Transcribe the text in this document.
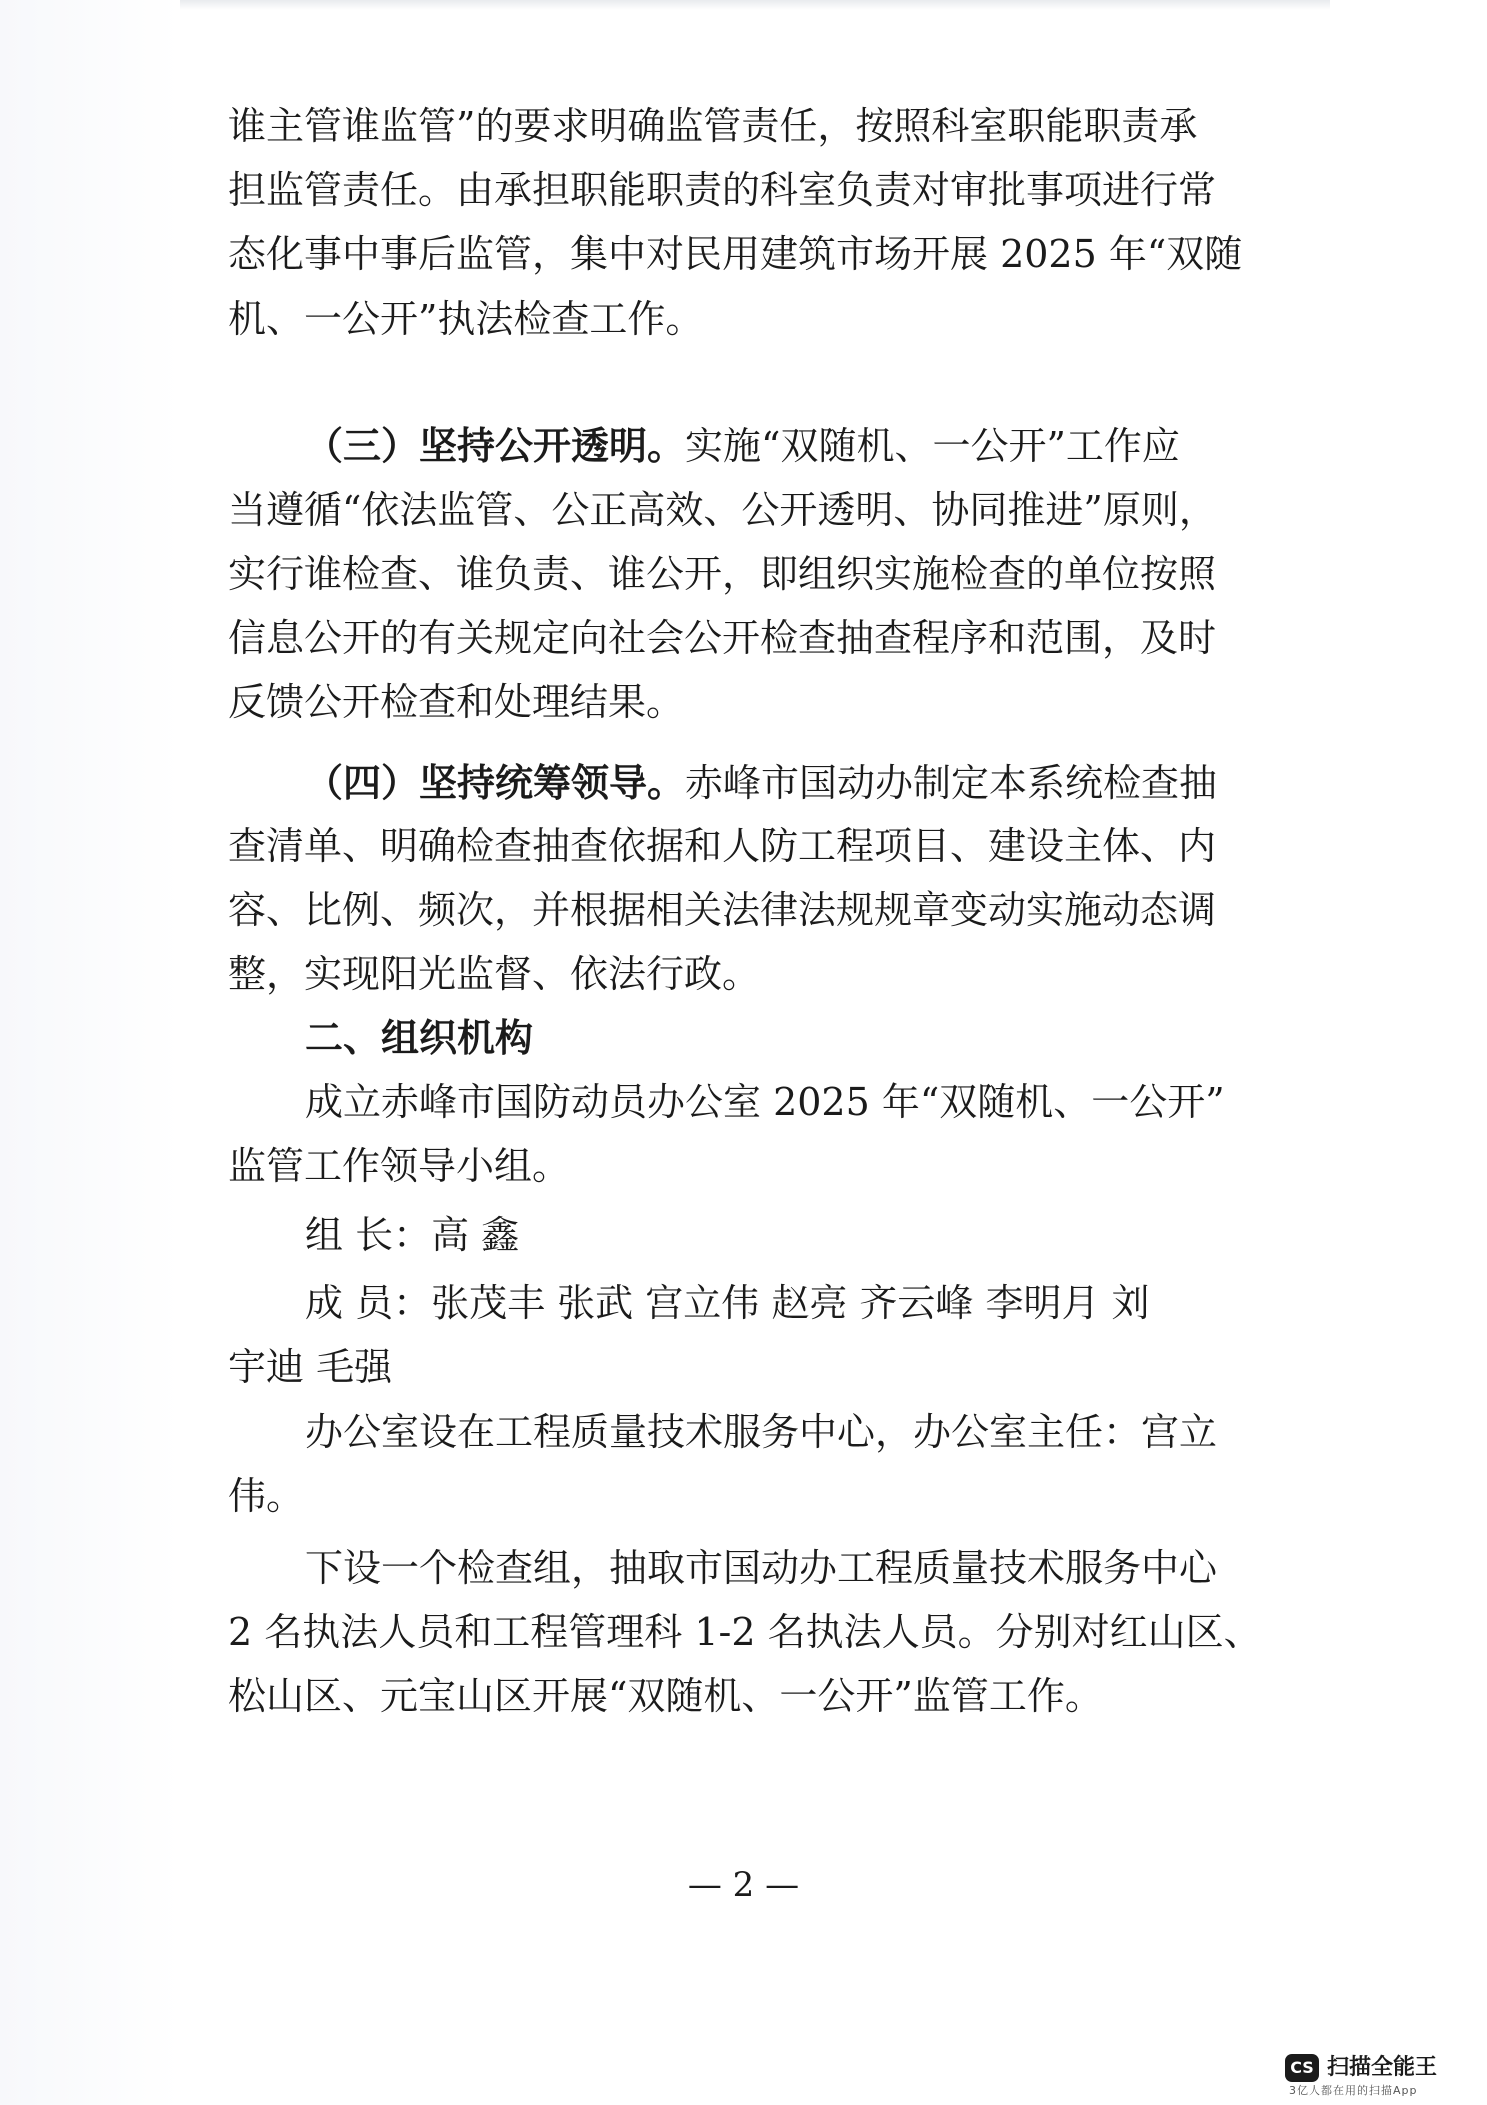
谁主管谁监管”的要求明确监管责任，按照科室职能职责承
担监管责任。由承担职能职责的科室负责对审批事项进行常
态化事中事后监管，集中对民用建筑市场开展 2025 年“双随
机、一公开”执法检查工作。
（三）坚持公开透明。实施“双随机、一公开”工作应
当遵循“依法监管、公正高效、公开透明、协同推进”原则，
实行谁检查、谁负责、谁公开，即组织实施检查的单位按照
信息公开的有关规定向社会公开检查抽查程序和范围，及时
反馈公开检查和处理结果。
（四）坚持统筹领导。赤峰市国动办制定本系统检查抽
查清单、明确检查抽查依据和人防工程项目、建设主体、内
容、比例、频次，并根据相关法律法规规章变动实施动态调
整，实现阳光监督、依法行政。
二、组织机构
成立赤峰市国防动员办公室 2025 年“双随机、一公开”
监管工作领导小组。
组 长：高 鑫
成 员：张茂丰 张武 宫立伟 赵亮 齐云峰 李明月 刘
宇迪 毛强
办公室设在工程质量技术服务中心，办公室主任：宫立
伟。
下设一个检查组，抽取市国动办工程质量技术服务中心
2 名执法人员和工程管理科 1-2 名执法人员。分别对红山区、
松山区、元宝山区开展“双随机、一公开”监管工作。
— 2 —
CS 扫描全能王
3亿人都在用的扫描App
